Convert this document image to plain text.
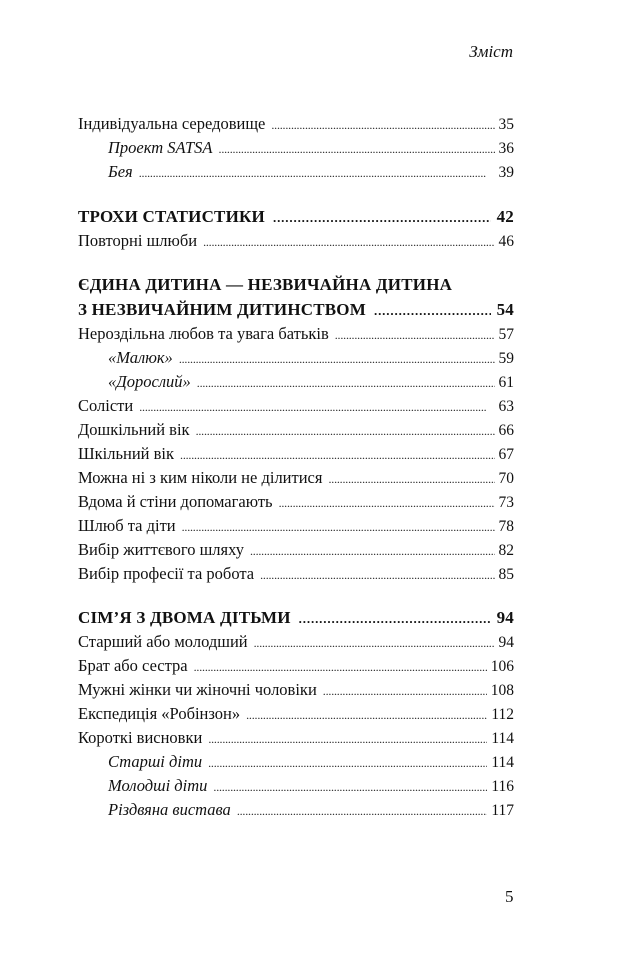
Зміст
Індивідуальна середовище . . .	35
Проект SATSA . . .	36
Бея . . .	39
ТРОХИ СТАТИСТИКИ . . .	42
Повторні шлюби . . .	46
ЄДИНА ДИТИНА — НЕЗВИЧАЙНА ДИТИНА
З НЕЗВИЧАЙНИМ ДИТИНСТВОМ . . .	54
Нероздільна любов та увага батьків . . .	57
«Малюк» . . .	59
«Дорослий» . . .	61
Солісти . . .	63
Дошкільний вік . . .	66
Шкільний вік . . .	67
Можна ні з ким ніколи не ділитися . . .	70
Вдома й стіни допомагають . . .	73
Шлюб та діти . . .	78
Вибір життєвого шляху . . .	82
Вибір професії та робота . . .	85
СІМ’Я З ДВОМА ДІТЬМИ . . .	94
Старший або молодший . . .	94
Брат або сестра . . .	106
Мужні жінки чи жіночні чоловіки . . .	108
Експедиція «Робінзон» . . .	112
Короткі висновки . . .	114
Старші діти . . .	114
Молодші діти . . .	116
Різдвяна вистава . . .	117
5
